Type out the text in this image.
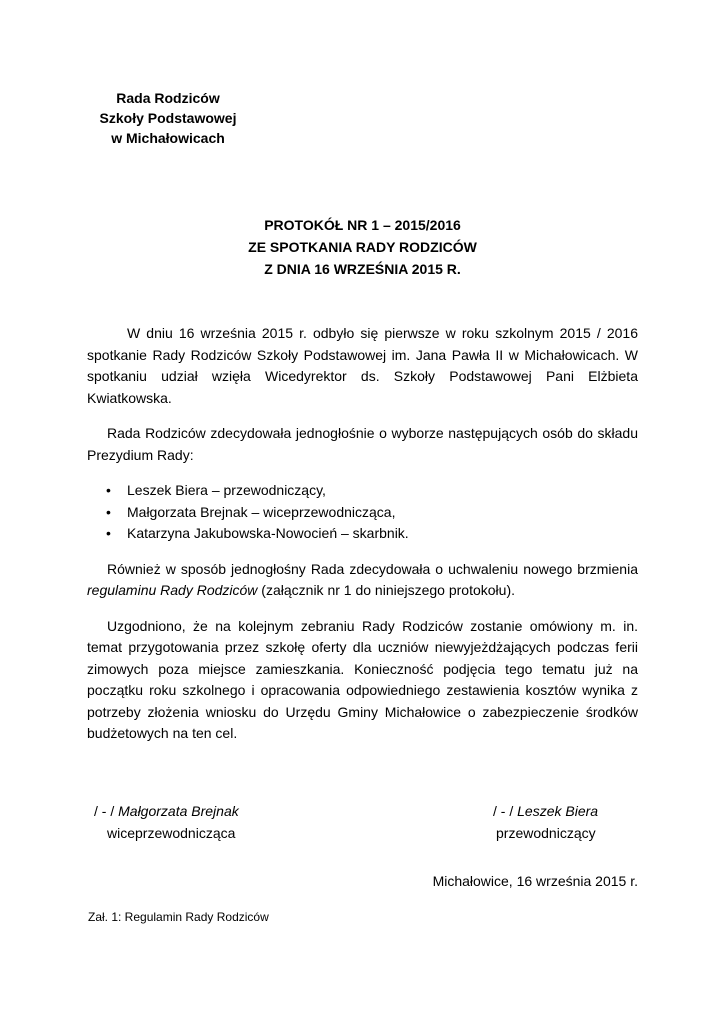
Rada Rodziców
Szkoły Podstawowej
w Michałowicach
PROTOKÓŁ NR 1 – 2015/2016
ZE SPOTKANIA RADY RODZICÓW
Z DNIA 16 WRZEŚNIA 2015 R.

W dniu 16 września 2015 r. odbyło się pierwsze w roku szkolnym 2015 / 2016 spotkanie Rady Rodziców Szkoły Podstawowej im. Jana Pawła II w Michałowicach. W spotkaniu udział wzięła Wicedyrektor ds. Szkoły Podstawowej Pani Elżbieta Kwiatkowska.

Rada Rodziców zdecydowała jednogłośnie o wyborze następujących osób do składu Prezydium Rady:

• Leszek Biera – przewodniczący,
• Małgorzata Brejnak – wiceprzewodnicząca,
• Katarzyna Jakubowska-Nowocień – skarbnik.

Również w sposób jednogłośny Rada zdecydowała o uchwaleniu nowego brzmienia regulaminu Rady Rodziców (załącznik nr 1 do niniejszego protokołu).

Uzgodniono, że na kolejnym zebraniu Rady Rodziców zostanie omówiony m. in. temat przygotowania przez szkołę oferty dla uczniów niewyjeżdżających podczas ferii zimowych poza miejsce zamieszkania. Konieczność podjęcia tego tematu już na początku roku szkolnego i opracowania odpowiedniego zestawienia kosztów wynika z potrzeby złożenia wniosku do Urzędu Gminy Michałowice o zabezpieczenie środków budżetowych na ten cel.

/ - / Małgorzata Brejnak
wiceprzewodnicząca
/ - / Leszek Biera
przewodniczący
Michałowice, 16 września 2015 r.
Zał. 1: Regulamin Rady Rodziców
